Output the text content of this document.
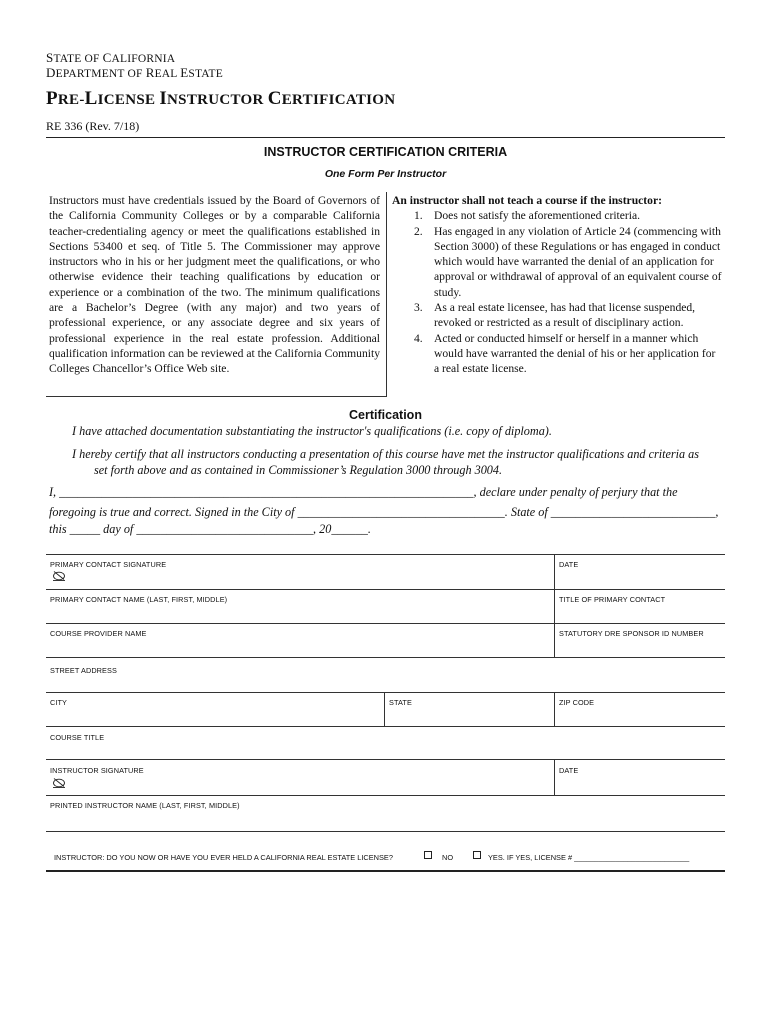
STATE OF CALIFORNIA
DEPARTMENT OF REAL ESTATE
PRE-LICENSE INSTRUCTOR CERTIFICATION
RE 336 (Rev. 7/18)
INSTRUCTOR CERTIFICATION CRITERIA
One Form Per Instructor
Instructors must have credentials issued by the Board of Governors of the California Community Colleges or by a comparable California teacher-credentialing agency or meet the qualifications established in Sections 53400 et seq. of Title 5. The Commissioner may approve instructors who in his or her judgment meet the qualifications, or who otherwise evidence their teaching qualifications by education or experience or a combination of the two. The minimum qualifications are a Bachelor’s Degree (with any major) and two years of professional experience, or any associate degree and six years of professional experience in the real estate profession. Additional qualification information can be reviewed at the California Community Colleges Chancellor’s Office Web site.
An instructor shall not teach a course if the instructor:
1. Does not satisfy the aforementioned criteria.
2. Has engaged in any violation of Article 24 (commencing with Section 3000) of these Regulations or has engaged in conduct which would have warranted the denial of an application for approval or withdrawal of approval of an equivalent course of study.
3. As a real estate licensee, has had that license suspended, revoked or restricted as a result of disciplinary action.
4. Acted or conducted himself or herself in a manner which would have warranted the denial of his or her application for a real estate license.
Certification
I have attached documentation substantiating the instructor's qualifications (i.e. copy of diploma).
I hereby certify that all instructors conducting a presentation of this course have met the instructor qualifications and criteria as
set forth above and as contained in Commissioner’s Regulation 3000 through 3004.
I, ____________________________________________________________________, declare under penalty of perjury that the
foregoing is true and correct. Signed in the City of __________________________________. State of ___________________________,
this _____ day of _____________________________, 20______.
PRIMARY CONTACT SIGNATURE	DATE
PRIMARY CONTACT NAME (LAST, FIRST, MIDDLE)	TITLE OF PRIMARY CONTACT
COURSE PROVIDER NAME	STATUTORY DRE SPONSOR ID NUMBER
STREET ADDRESS
CITY	STATE	ZIP CODE
COURSE TITLE
INSTRUCTOR SIGNATURE	DATE
PRINTED INSTRUCTOR NAME (LAST, FIRST, MIDDLE)
INSTRUCTOR: DO YOU NOW OR HAVE YOU EVER HELD A CALIFORNIA REAL ESTATE LICENSE?	NO	YES. IF YES, LICENSE # ____________________________
